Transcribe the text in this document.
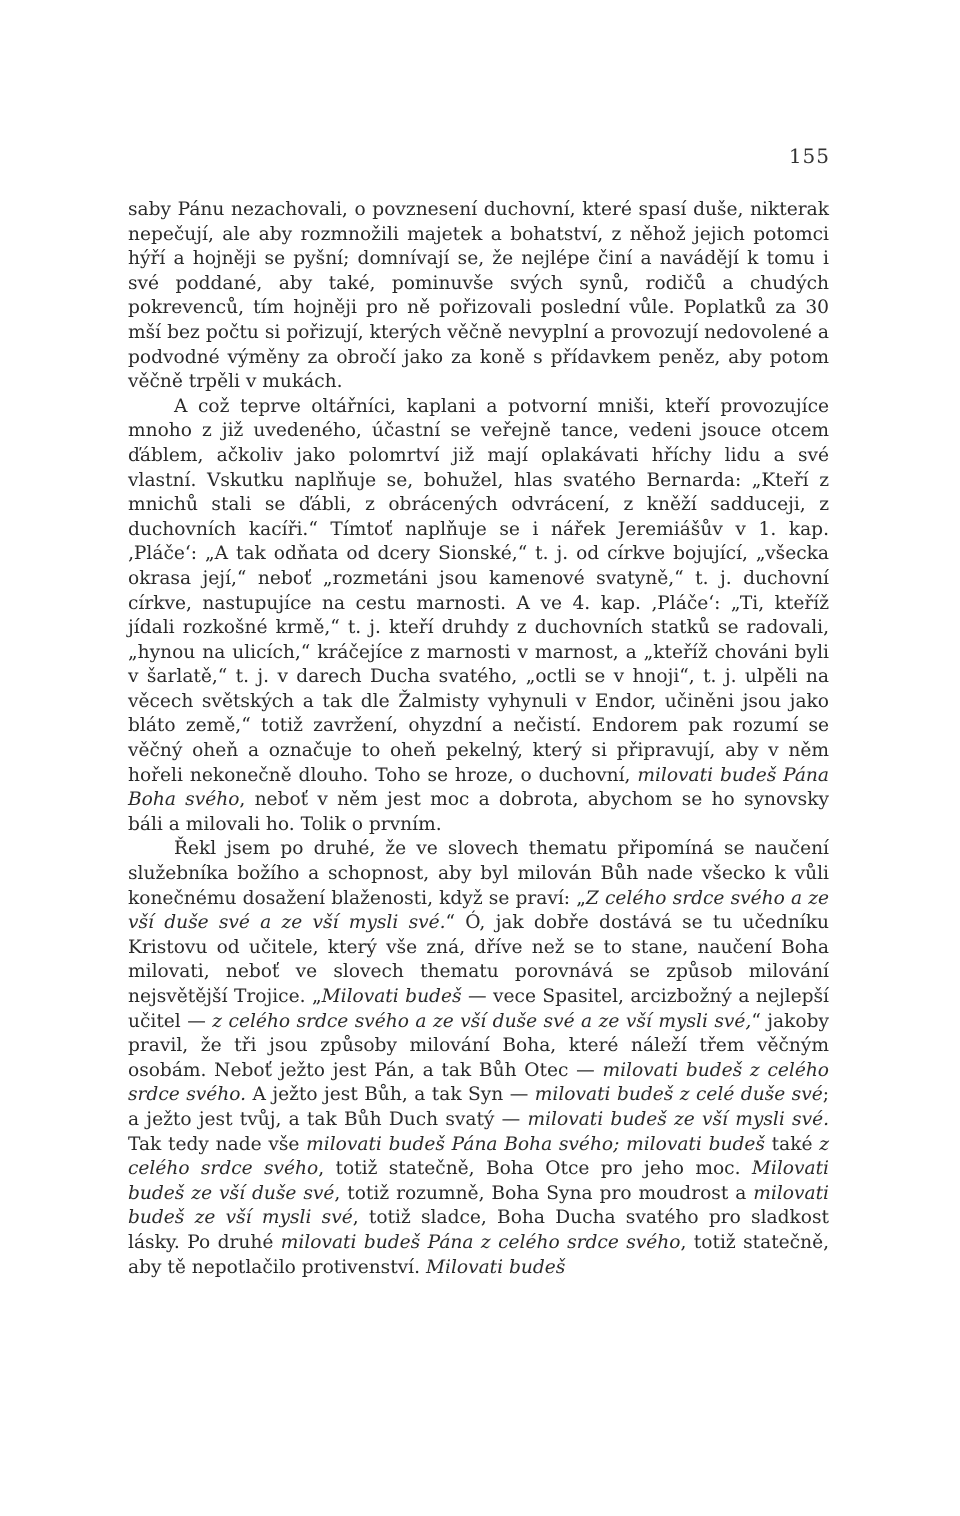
155

saby Pánu nezachovali, o povznesení duchovní, které spasí duše, nikterak nepečují, ale aby rozmnožili majetek a bohatství, z něhož jejich potomci hýří a hojněji se pyšní; domnívají se, že nejlépe činí a navádějí k tomu i své poddané, aby také, pominuvše svých synů, rodičů a chudých pokrevenců, tím hojněji pro ně pořizovali poslední vůle. Poplatků za 30 mší bez počtu si pořizují, kterých věčně nevyplní a provozují nedovolené a podvodné výměny za obročí jako za koně s přídavkem peněz, aby potom věčně trpěli v mukách.

A což teprve oltářníci, kaplani a potvorní mniši, kteří provozujíce mnoho z již uvedeného, účastní se veřejně tance, vedeni jsouce otcem ďáblem, ačkoliv jako polomrtví již mají oplakávati hříchy lidu a své vlastní. Vskutku naplňuje se, bohužel, hlas svatého Bernarda: „Kteří z mnichů stali se ďábli, z obrácených odvrácení, z kněží sadduceji, z duchovních kacíři.“ Tímtoť naplňuje se i nářek Jeremiášův v 1. kap. ‚Pláče‘: „A tak odňata od dcery Sionské,“ t. j. od církve bojující, „všecka okrasa její,“ neboť „rozmetáni jsou kamenové svatyně,“ t. j. duchovní církve, nastupujíce na cestu marnosti. A ve 4. kap. ‚Pláče‘: „Ti, kteříž jídali rozkošné krmě,“ t. j. kteří druhdy z duchovních statků se radovali, „hynou na ulicích,“ kráčejíce z marnosti v marnost, a „kteříž chováni byli v šarlatě,“ t. j. v darech Ducha svatého, „octli se v hnoji“, t. j. ulpěli na věcech světských a tak dle Žalmisty vyhynuli v Endor, učiněni jsou jako bláto země,“ totiž zavržení, ohyzdní a nečistí. Endorem pak rozumí se věčný oheň a označuje to oheň pekelný, který si připravují, aby v něm hořeli nekonečně dlouho. Toho se hroze, o duchovní, milovati budeš Pána Boha svého, neboť v něm jest moc a dobrota, abychom se ho synovsky báli a milovali ho. Tolik o prvním.

Řekl jsem po druhé, že ve slovech thematu připomíná se naučení služebníka božího a schopnost, aby byl milován Bůh nade všecko k vůli konečnému dosažení blaženosti, když se praví: „Z celého srdce svého a ze vší duše své a ze vší mysli své.“ Ó, jak dobře dostává se tu učedníku Kristovu od učitele, který vše zná, dříve než se to stane, naučení Boha milovati, neboť ve slovech thematu porovnává se způsob milování nejsvětější Trojice. „Milovati budeš — vece Spasitel, arcizbožný a nejlepší učitel — z celého srdce svého a ze vší duše své a ze vší mysli své,“ jakoby pravil, že tři jsou způsoby milování Boha, které náleží třem věčným osobám. Neboť ježto jest Pán, a tak Bůh Otec — milovati budeš z celého srdce svého. A ježto jest Bůh, a tak Syn — milovati budeš z celé duše své; a ježto jest tvůj, a tak Bůh Duch svatý — milovati budeš ze vší mysli své. Tak tedy nade vše milovati budeš Pána Boha svého; milovati budeš také z celého srdce svého, totiž statečně, Boha Otce pro jeho moc. Milovati budeš ze vší duše své, totiž rozumně, Boha Syna pro moudrost a milovati budeš ze vší mysli své, totiž sladce, Boha Ducha svatého pro sladkost lásky. Po druhé milovati budeš Pána z celého srdce svého, totiž statečně, aby tě nepotlačilo protivenství. Milovati budeš
